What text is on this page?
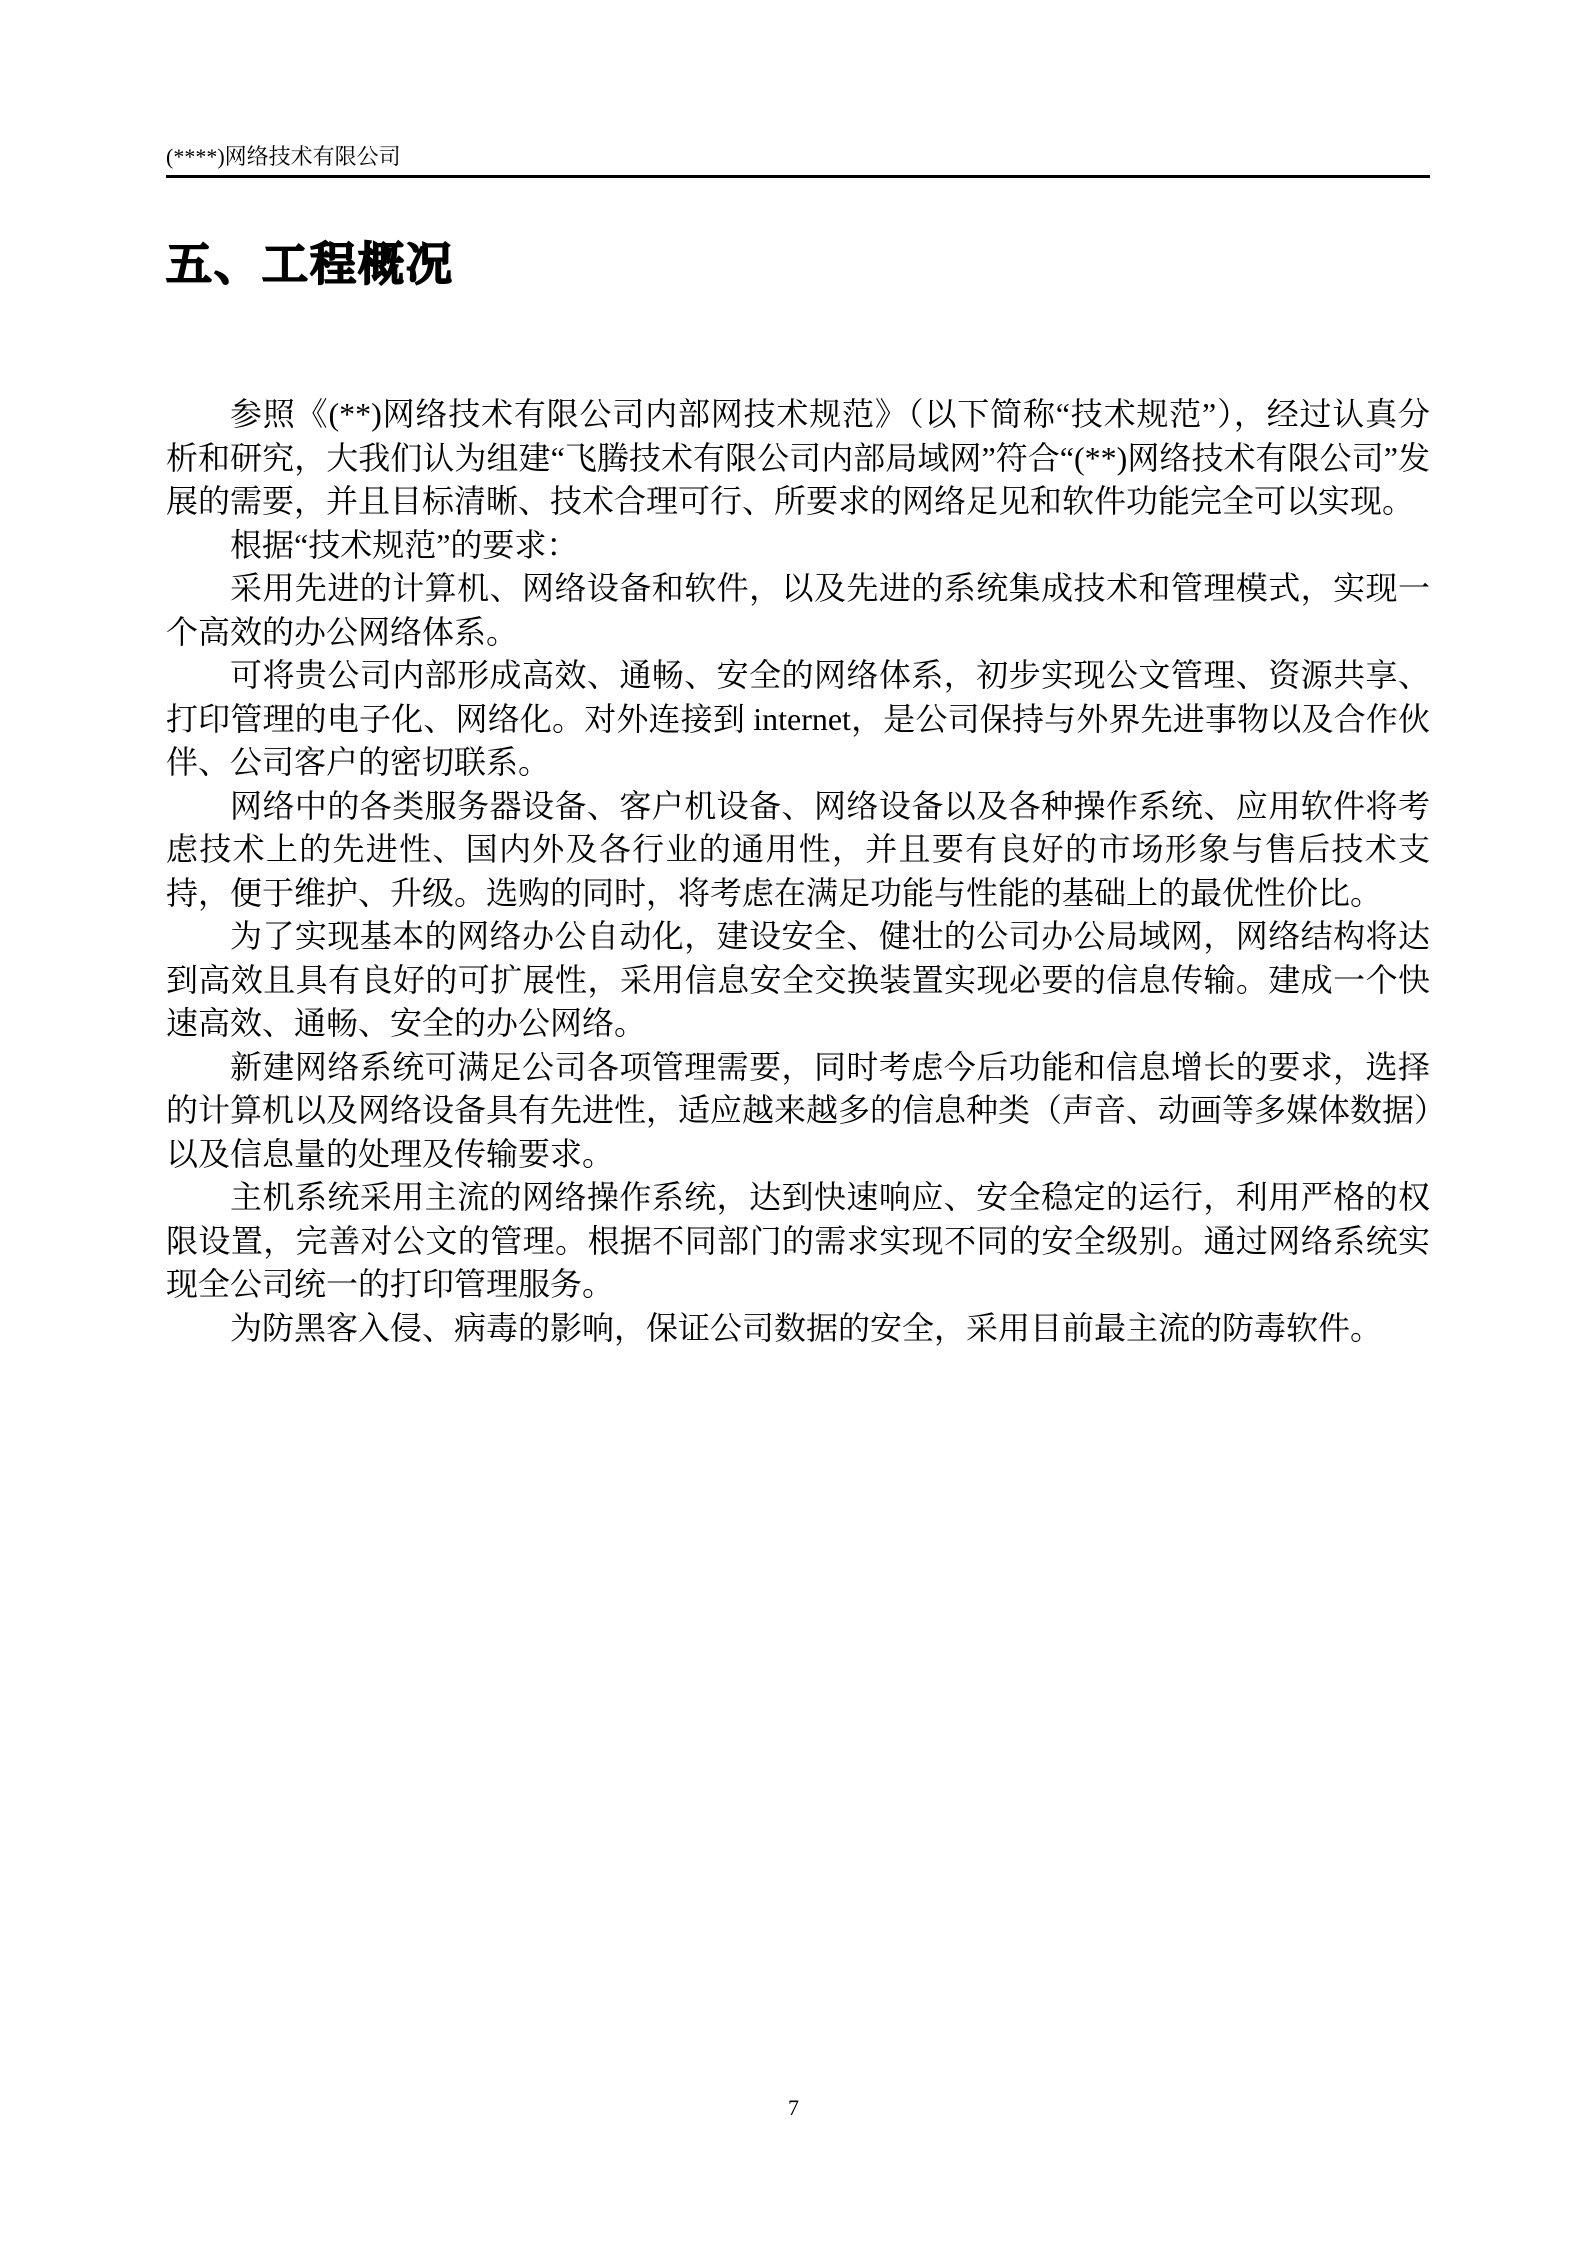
(****)网络技术有限公司
五、工程概况

参照《(**)网络技术有限公司内部网技术规范》（以下简称“技术规范”），经过认真分析和研究，大我们认为组建“飞腾技术有限公司内部局域网”符合“(**)网络技术有限公司”发展的需要，并且目标清晰、技术合理可行、所要求的网络足见和软件功能完全可以实现。

根据“技术规范”的要求：

采用先进的计算机、网络设备和软件，以及先进的系统集成技术和管理模式，实现一个高效的办公网络体系。

可将贵公司内部形成高效、通畅、安全的网络体系，初步实现公文管理、资源共享、打印管理的电子化、网络化。对外连接到 internet，是公司保持与外界先进事物以及合作伙伴、公司客户的密切联系。

网络中的各类服务器设备、客户机设备、网络设备以及各种操作系统、应用软件将考虑技术上的先进性、国内外及各行业的通用性，并且要有良好的市场形象与售后技术支持，便于维护、升级。选购的同时，将考虑在满足功能与性能的基础上的最优性价比。

为了实现基本的网络办公自动化，建设安全、健壮的公司办公局域网，网络结构将达到高效且具有良好的可扩展性，采用信息安全交换装置实现必要的信息传输。建成一个快速高效、通畅、安全的办公网络。

新建网络系统可满足公司各项管理需要，同时考虑今后功能和信息增长的要求，选择的计算机以及网络设备具有先进性，适应越来越多的信息种类（声音、动画等多媒体数据）以及信息量的处理及传输要求。

主机系统采用主流的网络操作系统，达到快速响应、安全稳定的运行，利用严格的权限设置，完善对公文的管理。根据不同部门的需求实现不同的安全级别。通过网络系统实现全公司统一的打印管理服务。

为防黑客入侵、病毒的影响，保证公司数据的安全，采用目前最主流的防毒软件。

7
